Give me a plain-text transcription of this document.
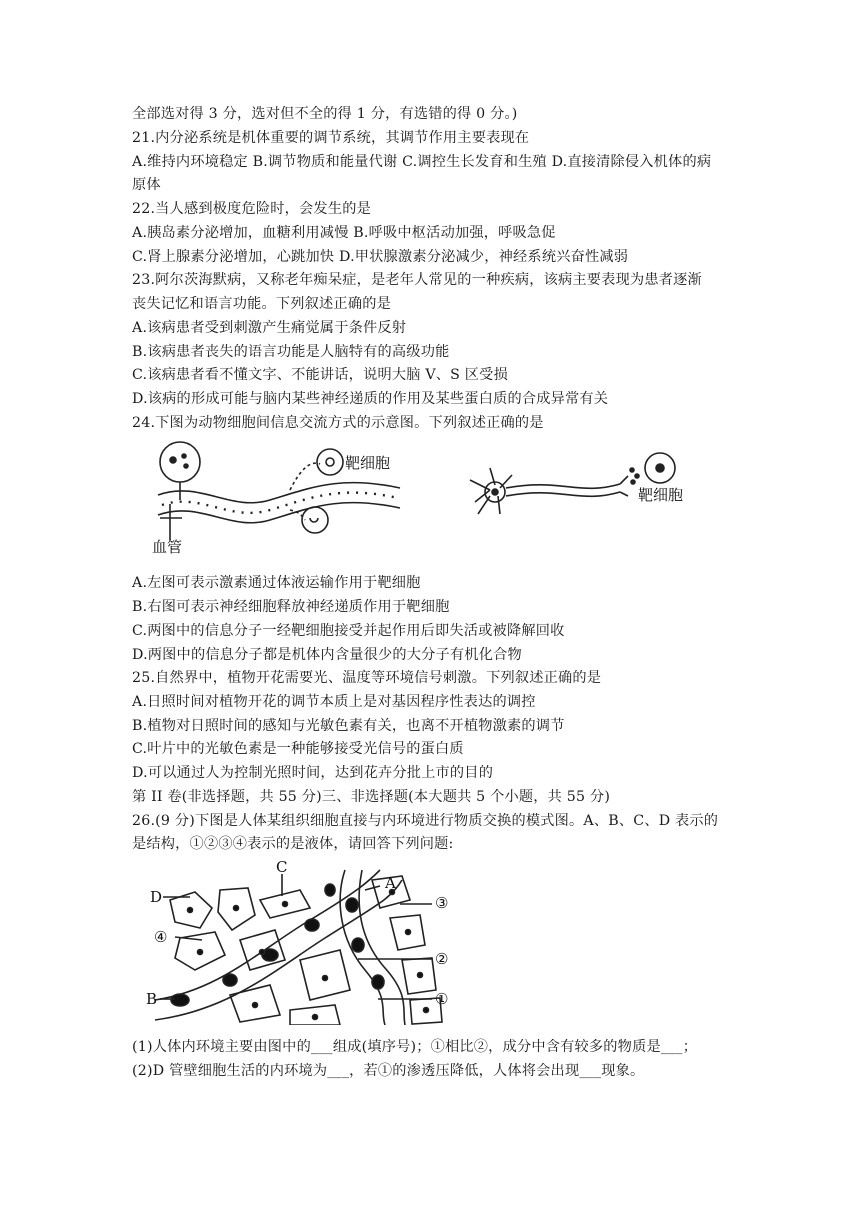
全部选对得 3 分，选对但不全的得 1 分，有选错的得 0 分。)
21.内分泌系统是机体重要的调节系统，其调节作用主要表现在
A.维持内环境稳定 B.调节物质和能量代谢 C.调控生长发育和生殖 D.直接清除侵入机体的病
原体
22.当人感到极度危险时，会发生的是
A.胰岛素分泌增加，血糖利用减慢 B.呼吸中枢活动加强，呼吸急促
C.肾上腺素分泌增加，心跳加快 D.甲状腺激素分泌减少，神经系统兴奋性减弱
23.阿尔茨海默病，又称老年痴呆症，是老年人常见的一种疾病，该病主要表现为患者逐渐
丧失记忆和语言功能。下列叙述正确的是
A.该病患者受到刺激产生痛觉属于条件反射
B.该病患者丧失的语言功能是人脑特有的高级功能
C.该病患者看不懂文字、不能讲话，说明大脑 V、S 区受损
D.该病的形成可能与脑内某些神经递质的作用及某些蛋白质的合成异常有关
24.下图为动物细胞间信息交流方式的示意图。下列叙述正确的是
靶细胞
血管
靶细胞
A.左图可表示激素通过体液运输作用于靶细胞
B.右图可表示神经细胞释放神经递质作用于靶细胞
C.两图中的信息分子一经靶细胞接受并起作用后即失活或被降解回收
D.两图中的信息分子都是机体内含量很少的大分子有机化合物
25.自然界中，植物开花需要光、温度等环境信号刺激。下列叙述正确的是
A.日照时间对植物开花的调节本质上是对基因程序性表达的调控
B.植物对日照时间的感知与光敏色素有关，也离不开植物激素的调节
C.叶片中的光敏色素是一种能够接受光信号的蛋白质
D.可以通过人为控制光照时间，达到花卉分批上市的目的
第 II 卷(非选择题，共 55 分)三、非选择题(本大题共 5 个小题，共 55 分)
26.(9 分)下图是人体某组织细胞直接与内环境进行物质交换的模式图。A、B、C、D 表示的
是结构，①②③④表示的是液体，请回答下列问题:
D
C
A
③
④
②
B	①
(1)人体内环境主要由图中的___组成(填序号)；①相比②，成分中含有较多的物质是___；
(2)D 管壁细胞生活的内环境为___，若①的渗透压降低，人体将会出现___现象。
